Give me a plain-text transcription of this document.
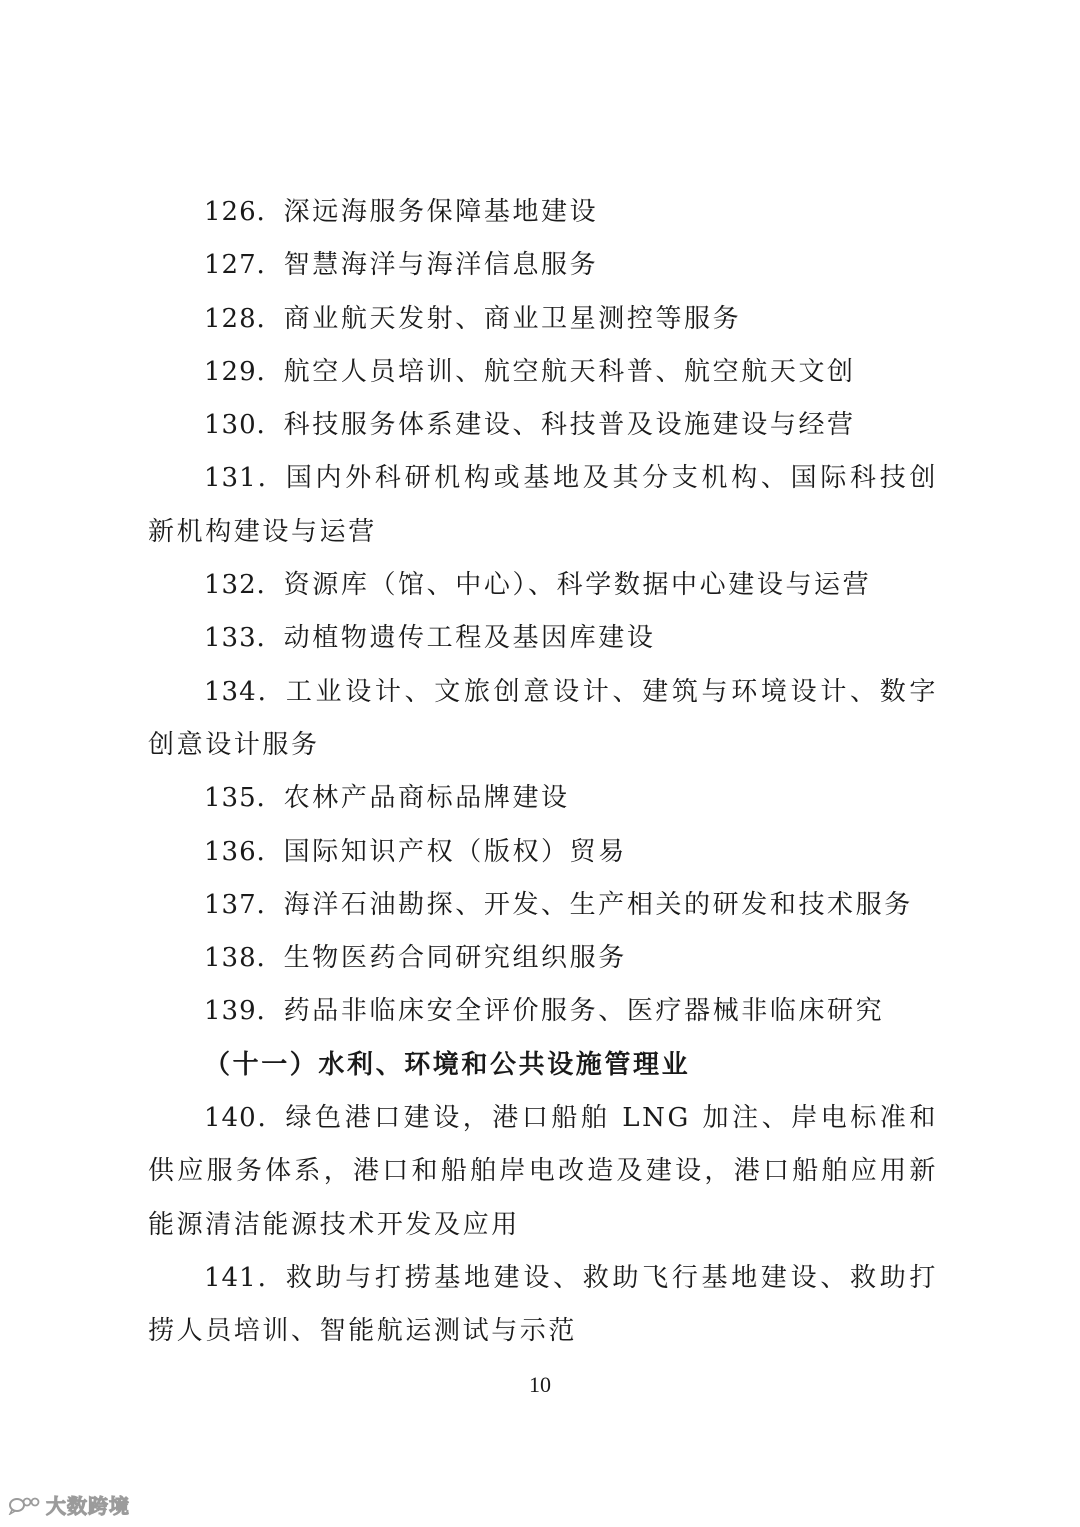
126．深远海服务保障基地建设

127．智慧海洋与海洋信息服务

128．商业航天发射、商业卫星测控等服务

129．航空人员培训、航空航天科普、航空航天文创

130．科技服务体系建设、科技普及设施建设与经营

131．国内外科研机构或基地及其分支机构、国际科技创新机构建设与运营

132．资源库（馆、中心）、科学数据中心建设与运营

133．动植物遗传工程及基因库建设

134．工业设计、文旅创意设计、建筑与环境设计、数字创意设计服务

135．农林产品商标品牌建设

136．国际知识产权（版权）贸易

137．海洋石油勘探、开发、生产相关的研发和技术服务

138．生物医药合同研究组织服务

139．药品非临床安全评价服务、医疗器械非临床研究

（十一）水利、环境和公共设施管理业

140．绿色港口建设，港口船舶 LNG 加注、岸电标准和供应服务体系，港口和船舶岸电改造及建设，港口船舶应用新能源清洁能源技术开发及应用

141．救助与打捞基地建设、救助飞行基地建设、救助打捞人员培训、智能航运测试与示范

10
大数跨境
